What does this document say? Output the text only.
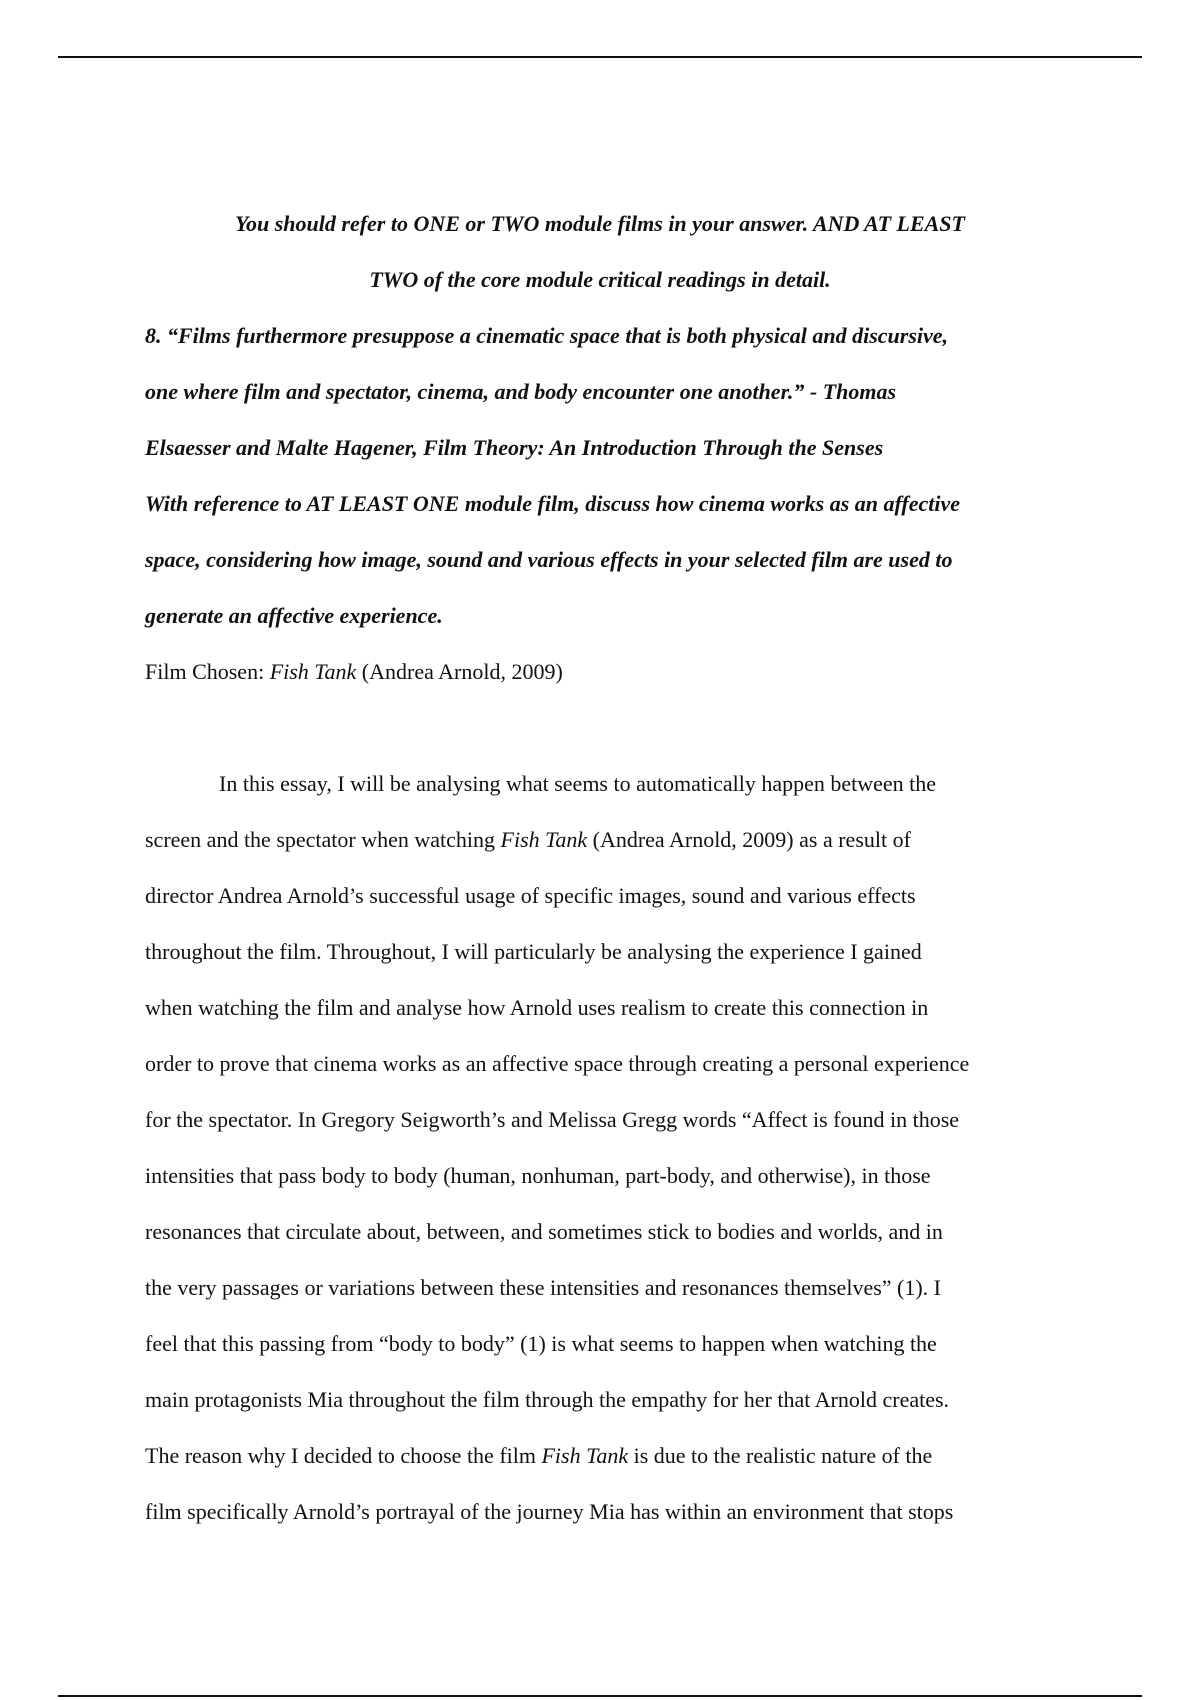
You should refer to ONE or TWO module films in your answer. AND AT LEAST

TWO of the core module critical readings in detail.

8. “Films furthermore presuppose a cinematic space that is both physical and discursive,

one where film and spectator, cinema, and body encounter one another.” - Thomas

Elsaesser and Malte Hagener, Film Theory: An Introduction Through the Senses

With reference to AT LEAST ONE module film, discuss how cinema works as an affective

space, considering how image, sound and various effects in your selected film are used to

generate an affective experience.

Film Chosen: Fish Tank (Andrea Arnold, 2009)

In this essay, I will be analysing what seems to automatically happen between the

screen and the spectator when watching Fish Tank (Andrea Arnold, 2009) as a result of

director Andrea Arnold’s successful usage of specific images, sound and various effects

throughout the film. Throughout, I will particularly be analysing the experience I gained

when watching the film and analyse how Arnold uses realism to create this connection in

order to prove that cinema works as an affective space through creating a personal experience

for the spectator. In Gregory Seigworth’s and Melissa Gregg words “Affect is found in those

intensities that pass body to body (human, nonhuman, part-body, and otherwise), in those

resonances that circulate about, between, and sometimes stick to bodies and worlds, and in

the very passages or variations between these intensities and resonances themselves” (1). I

feel that this passing from “body to body” (1) is what seems to happen when watching the

main protagonists Mia throughout the film through the empathy for her that Arnold creates.

The reason why I decided to choose the film Fish Tank is due to the realistic nature of the

film specifically Arnold’s portrayal of the journey Mia has within an environment that stops
